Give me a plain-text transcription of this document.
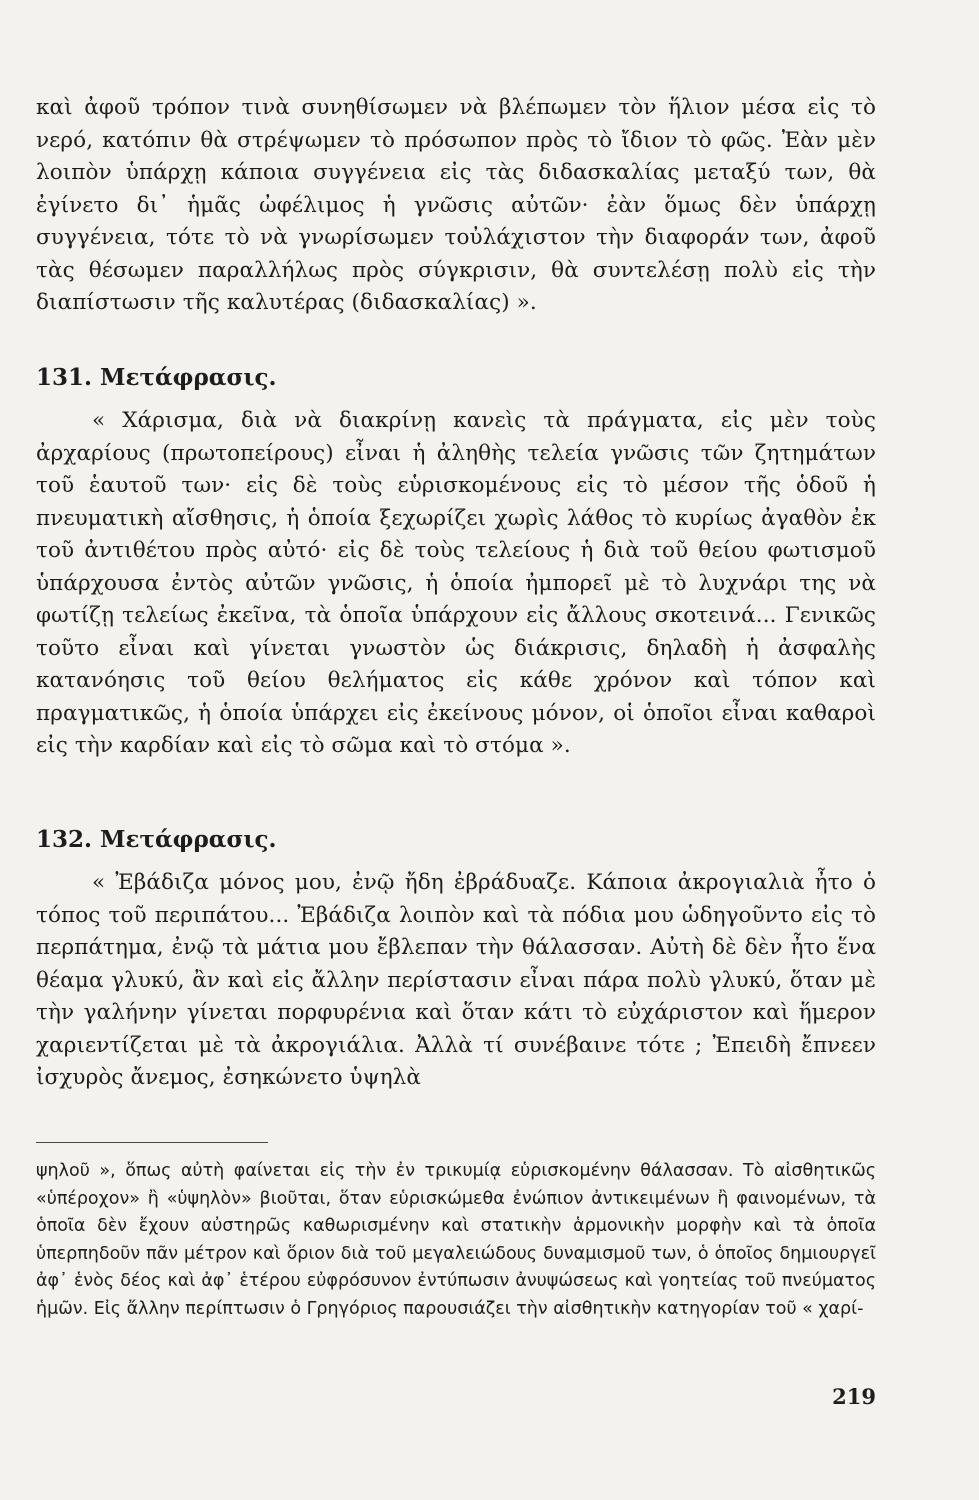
καὶ ἀφοῦ τρόπον τινὰ συνηθίσωμεν νὰ βλέπωμεν τὸν ἥλιον μέσα εἰς τὸ νερό, κατόπιν θὰ στρέψωμεν τὸ πρόσωπον πρὸς τὸ ἴδιον τὸ φῶς. Ἐὰν μὲν λοιπὸν ὑπάρχῃ κάποια συγγένεια εἰς τὰς διδασκαλίας μεταξύ των, θὰ ἐγίνετο δι᾽ ἡμᾶς ὠφέλιμος ἡ γνῶσις αὐτῶν· ἐὰν ὅμως δὲν ὑπάρχῃ συγγένεια, τότε τὸ νὰ γνωρίσωμεν τοὐλάχιστον τὴν διαφοράν των, ἀφοῦ τὰς θέσωμεν παραλλήλως πρὸς σύγκρισιν, θὰ συντελέσῃ πολὺ εἰς τὴν διαπίστωσιν τῆς καλυτέρας (διδασκαλίας) ».

131. Μετάφρασις.

« Χάρισμα, διὰ νὰ διακρίνῃ κανεὶς τὰ πράγματα, εἰς μὲν τοὺς ἀρχαρίους (πρωτοπείρους) εἶναι ἡ ἀληθὴς τελεία γνῶσις τῶν ζητημάτων τοῦ ἑαυτοῦ των· εἰς δὲ τοὺς εὑρισκομένους εἰς τὸ μέσον τῆς ὁδοῦ ἡ πνευματικὴ αἴσθησις, ἡ ὁποία ξεχωρίζει χωρὶς λάθος τὸ κυρίως ἀγαθὸν ἐκ τοῦ ἀντιθέτου πρὸς αὐτό· εἰς δὲ τοὺς τελείους ἡ διὰ τοῦ θείου φωτισμοῦ ὑπάρχουσα ἐντὸς αὐτῶν γνῶσις, ἡ ὁποία ἠμπορεῖ μὲ τὸ λυχνάρι της νὰ φωτίζῃ τελείως ἐκεῖνα, τὰ ὁποῖα ὑπάρχουν εἰς ἄλλους σκοτεινά... Γενικῶς τοῦτο εἶναι καὶ γίνεται γνωστὸν ὡς διάκρισις, δηλαδὴ ἡ ἀσφαλὴς κατανόησις τοῦ θείου θελήματος εἰς κάθε χρόνον καὶ τόπον καὶ πραγματικῶς, ἡ ὁποία ὑπάρχει εἰς ἐκείνους μόνον, οἱ ὁποῖοι εἶναι καθαροὶ εἰς τὴν καρδίαν καὶ εἰς τὸ σῶμα καὶ τὸ στόμα ».

132. Μετάφρασις.

« Ἐβάδιζα μόνος μου, ἐνῷ ἤδη ἐβράδυαζε. Κάποια ἀκρογιαλιὰ ἦτο ὁ τόπος τοῦ περιπάτου... Ἐβάδιζα λοιπὸν καὶ τὰ πόδια μου ὡδηγοῦντο εἰς τὸ περπάτημα, ἐνῷ τὰ μάτια μου ἔβλεπαν τὴν θάλασσαν. Αὐτὴ δὲ δὲν ἦτο ἕνα θέαμα γλυκύ, ἂν καὶ εἰς ἄλλην περίστασιν εἶναι πάρα πολὺ γλυκύ, ὅταν μὲ τὴν γαλήνην γίνεται πορφυρένια καὶ ὅταν κάτι τὸ εὐχάριστον καὶ ἥμερον χαριεντίζεται μὲ τὰ ἀκρογιάλια. Ἀλλὰ τί συνέβαινε τότε ; Ἐπειδὴ ἔπνεεν ἰσχυρὸς ἄνεμος, ἐσηκώνετο ὑψηλὰ

ψηλοῦ », ὅπως αὐτὴ φαίνεται εἰς τὴν ἐν τρικυμίᾳ εὑρισκομένην θάλασσαν. Τὸ αἰσθητικῶς «ὑπέροχον» ἢ «ὑψηλὸν» βιοῦται, ὅταν εὑρισκώμεθα ἐνώπιον ἀντικειμένων ἢ φαινομένων, τὰ ὁποῖα δὲν ἔχουν αὐστηρῶς καθωρισμένην καὶ στατικὴν ἁρμονικὴν μορφὴν καὶ τὰ ὁποῖα ὑπερπηδοῦν πᾶν μέτρον καὶ ὅριον διὰ τοῦ μεγαλειώδους δυναμισμοῦ των, ὁ ὁποῖος δημιουργεῖ ἀφ᾽ ἑνὸς δέος καὶ ἀφ᾽ ἑτέρου εὐφρόσυνον ἐντύπωσιν ἀνυψώσεως καὶ γοητείας τοῦ πνεύματος ἡμῶν. Εἰς ἄλλην περίπτωσιν ὁ Γρηγόριος παρουσιάζει τὴν αἰσθητικὴν κατηγορίαν τοῦ « χαρί-

219
